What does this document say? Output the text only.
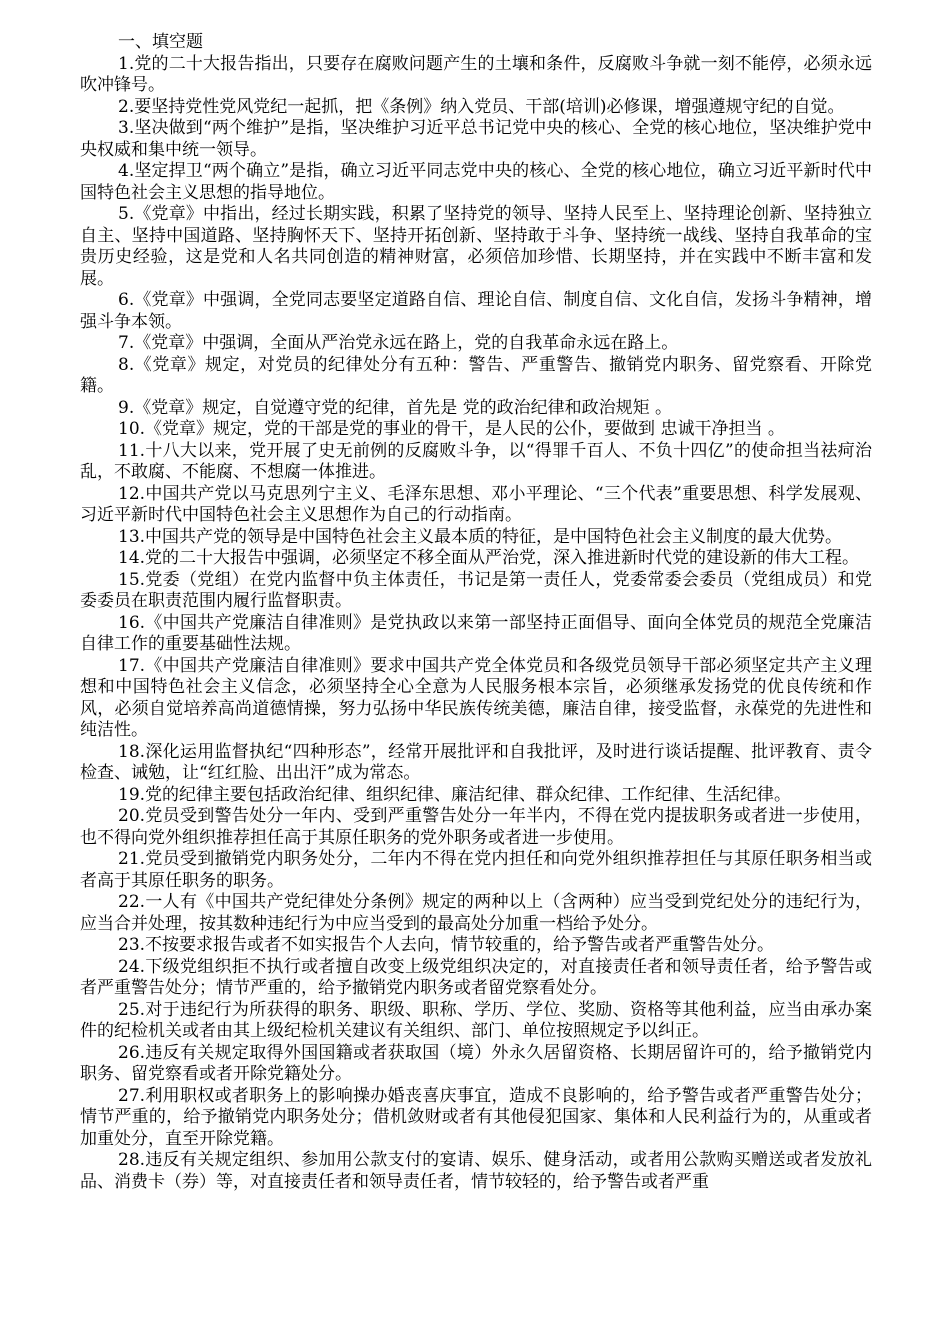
一、填空题

1.党的二十大报告指出，只要存在腐败问题产生的土壤和条件，反腐败斗争就一刻不能停，必须永远吹冲锋号。

2.要坚持党性党风党纪一起抓，把《条例》纳入党员、干部(培训)必修课，增强遵规守纪的自觉。

3.坚决做到“两个维护”是指，坚决维护习近平总书记党中央的核心、全党的核心地位，坚决维护党中央权威和集中统一领导。

4.坚定捍卫“两个确立”是指，确立习近平同志党中央的核心、全党的核心地位，确立习近平新时代中国特色社会主义思想的指导地位。

5.《党章》中指出，经过长期实践，积累了坚持党的领导、坚持人民至上、坚持理论创新、坚持独立自主、坚持中国道路、坚持胸怀天下、坚持开拓创新、坚持敢于斗争、坚持统一战线、坚持自我革命的宝贵历史经验，这是党和人名共同创造的精神财富，必须倍加珍惜、长期坚持，并在实践中不断丰富和发展。

6.《党章》中强调，全党同志要坚定道路自信、理论自信、制度自信、文化自信，发扬斗争精神，增强斗争本领。

7.《党章》中强调，全面从严治党永远在路上，党的自我革命永远在路上。

8.《党章》规定，对党员的纪律处分有五种：警告、严重警告、撤销党内职务、留党察看、开除党籍。

9.《党章》规定，自觉遵守党的纪律，首先是 党的政治纪律和政治规矩 。

10.《党章》规定，党的干部是党的事业的骨干，是人民的公仆，要做到 忠诚干净担当 。

11.十八大以来，党开展了史无前例的反腐败斗争，以“得罪千百人、不负十四亿”的使命担当祛疴治乱，不敢腐、不能腐、不想腐一体推进。

12.中国共产党以马克思列宁主义、毛泽东思想、邓小平理论、“三个代表”重要思想、科学发展观、习近平新时代中国特色社会主义思想作为自己的行动指南。

13.中国共产党的领导是中国特色社会主义最本质的特征，是中国特色社会主义制度的最大优势。

14.党的二十大报告中强调，必须坚定不移全面从严治党，深入推进新时代党的建设新的伟大工程。

15.党委（党组）在党内监督中负主体责任，书记是第一责任人，党委常委会委员（党组成员）和党委委员在职责范围内履行监督职责。

16.《中国共产党廉洁自律准则》是党执政以来第一部坚持正面倡导、面向全体党员的规范全党廉洁自律工作的重要基础性法规。

17.《中国共产党廉洁自律准则》要求中国共产党全体党员和各级党员领导干部必须坚定共产主义理想和中国特色社会主义信念，必须坚持全心全意为人民服务根本宗旨，必须继承发扬党的优良传统和作风，必须自觉培养高尚道德情操，努力弘扬中华民族传统美德，廉洁自律，接受监督，永葆党的先进性和纯洁性。

18.深化运用监督执纪“四种形态”，经常开展批评和自我批评，及时进行谈话提醒、批评教育、责令检查、诫勉，让“红红脸、出出汗”成为常态。

19.党的纪律主要包括政治纪律、组织纪律、廉洁纪律、群众纪律、工作纪律、生活纪律。

20.党员受到警告处分一年内、受到严重警告处分一年半内，不得在党内提拔职务或者进一步使用，也不得向党外组织推荐担任高于其原任职务的党外职务或者进一步使用。

21.党员受到撤销党内职务处分，二年内不得在党内担任和向党外组织推荐担任与其原任职务相当或者高于其原任职务的职务。

22.一人有《中国共产党纪律处分条例》规定的两种以上（含两种）应当受到党纪处分的违纪行为，应当合并处理，按其数种违纪行为中应当受到的最高处分加重一档给予处分。

23.不按要求报告或者不如实报告个人去向，情节较重的，给予警告或者严重警告处分。

24.下级党组织拒不执行或者擅自改变上级党组织决定的，对直接责任者和领导责任者，给予警告或者严重警告处分；情节严重的，给予撤销党内职务或者留党察看处分。

25.对于违纪行为所获得的职务、职级、职称、学历、学位、奖励、资格等其他利益，应当由承办案件的纪检机关或者由其上级纪检机关建议有关组织、部门、单位按照规定予以纠正。

26.违反有关规定取得外国国籍或者获取国（境）外永久居留资格、长期居留许可的，给予撤销党内职务、留党察看或者开除党籍处分。

27.利用职权或者职务上的影响操办婚丧喜庆事宜，造成不良影响的，给予警告或者严重警告处分；情节严重的，给予撤销党内职务处分；借机敛财或者有其他侵犯国家、集体和人民利益行为的，从重或者加重处分，直至开除党籍。

28.违反有关规定组织、参加用公款支付的宴请、娱乐、健身活动，或者用公款购买赠送或者发放礼品、消费卡（券）等，对直接责任者和领导责任者，情节较轻的，给予警告或者严重
